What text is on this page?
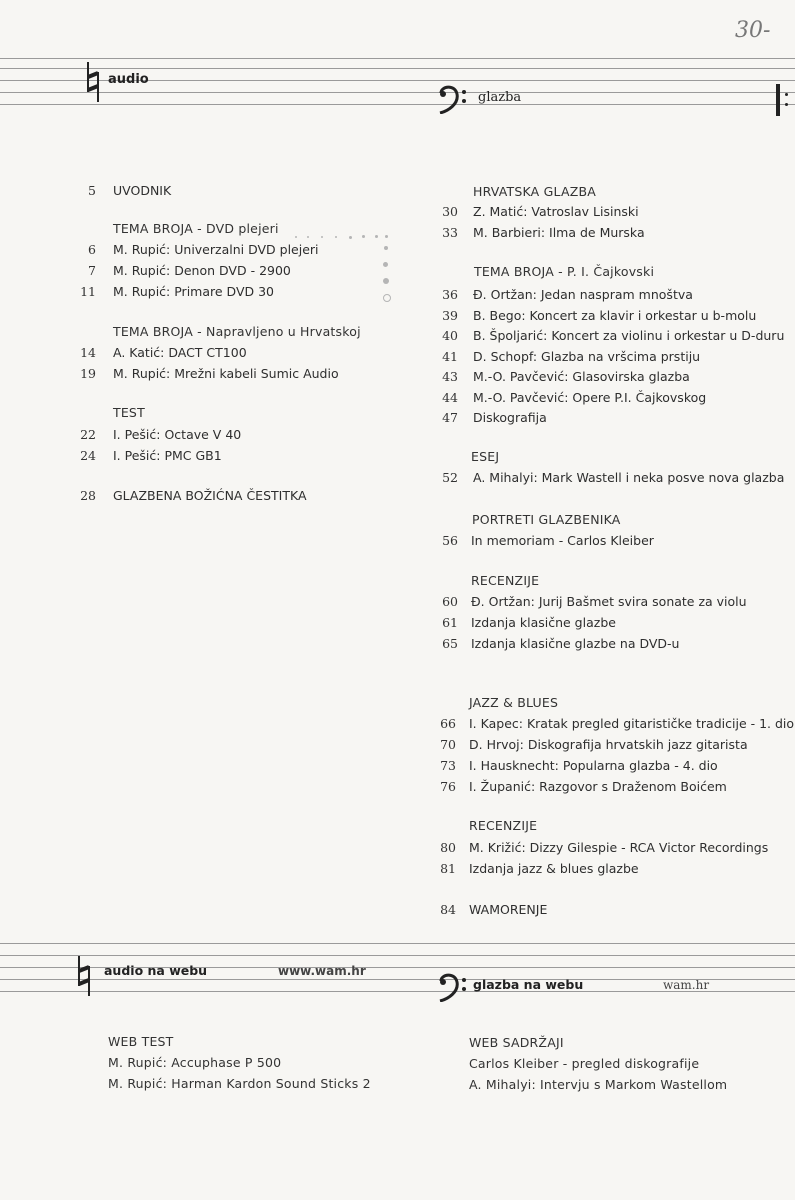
30-
audio
glazba
5 UVODNIK
TEMA BROJA - DVD plejeri
6 M. Rupić: Univerzalni DVD plejeri
7 M. Rupić: Denon DVD - 2900
11 M. Rupić: Primare DVD 30
TEMA BROJA - Napravljeno u Hrvatskoj
14 A. Katić: DACT CT100
19 M. Rupić: Mrežni kabeli Sumic Audio
TEST
22 I. Pešić: Octave V 40
24 I. Pešić: PMC GB1
28 GLAZBENA BOŽIĆNA ČESTITKA
HRVATSKA GLAZBA
30 Z. Matić: Vatroslav Lisinski
33 M. Barbieri: Ilma de Murska
TEMA BROJA - P. I. Čajkovski
36 Đ. Ortžan: Jedan naspram mnoštva
39 B. Bego: Koncert za klavir i orkestar u b-molu
40 B. Špoljarić: Koncert za violinu i orkestar u D-duru
41 D. Schopf: Glazba na vršcima prstiju
43 M.-O. Pavčević: Glasovirska glazba
44 M.-O. Pavčević: Opere P.I. Čajkovskog
47 Diskografija
ESEJ
52 A. Mihalyi: Mark Wastell i neka posve nova glazba
PORTRETI GLAZBENIKA
56 In memoriam - Carlos Kleiber
RECENZIJE
60 Đ. Ortžan: Jurij Bašmet svira sonate za violu
61 Izdanja klasične glazbe
65 Izdanja klasične glazbe na DVD-u
JAZZ & BLUES
66 I. Kapec: Kratak pregled gitarističke tradicije - 1. dio
70 D. Hrvoj: Diskografija hrvatskih jazz gitarista
73 I. Hausknecht: Popularna glazba - 4. dio
76 I. Županić: Razgovor s Draženom Boićem
RECENZIJE
80 M. Križić: Dizzy Gilespie - RCA Victor Recordings
81 Izdanja jazz & blues glazbe
84 WAMORENJE
audio na webu	www.wam.hr
glazba na webu	wam.hr
WEB TEST
M. Rupić: Accuphase P 500
M. Rupić: Harman Kardon Sound Sticks 2
WEB SADRŽAJI
Carlos Kleiber - pregled diskografije
A. Mihalyi: Intervju s Markom Wastellom
